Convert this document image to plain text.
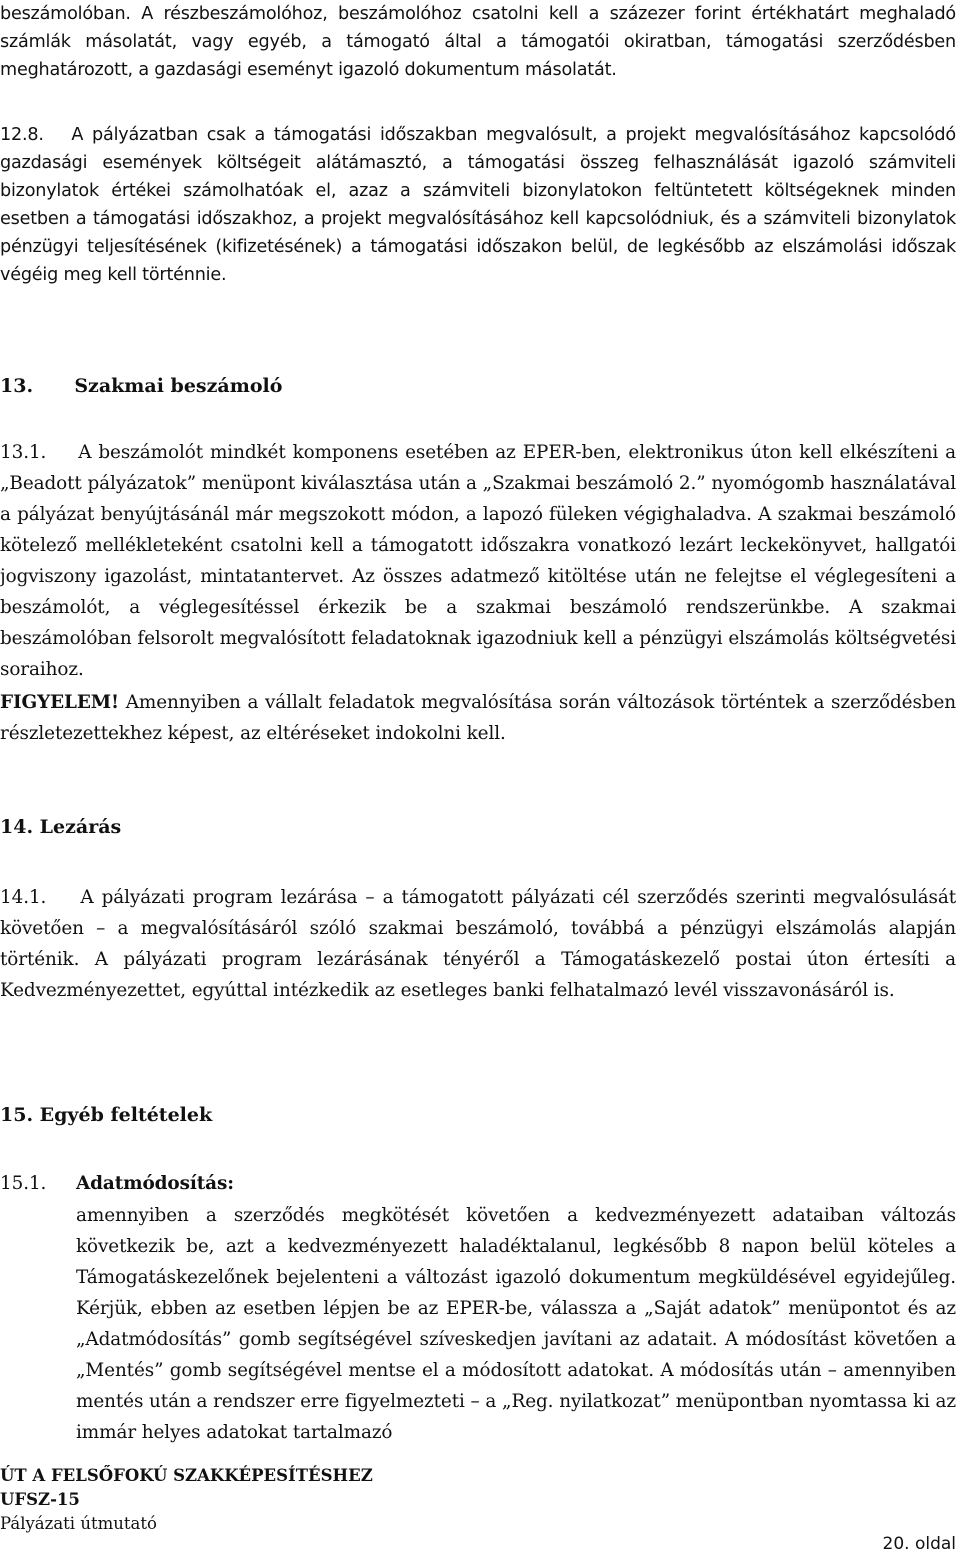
beszámolóban. A részbeszámolóhoz, beszámolóhoz csatolni kell a százezer forint értékhatárt meghaladó számlák másolatát, vagy egyéb, a támogató által a támogatói okiratban, támogatási szerződésben meghatározott, a gazdasági eseményt igazoló dokumentum másolatát.

12.8. A pályázatban csak a támogatási időszakban megvalósult, a projekt megvalósításához kapcsolódó gazdasági események költségeit alátámasztó, a támogatási összeg felhasználását igazoló számviteli bizonylatok értékei számolhatóak el, azaz a számviteli bizonylatokon feltüntetett költségeknek minden esetben a támogatási időszakhoz, a projekt megvalósításához kell kapcsolódniuk, és a számviteli bizonylatok pénzügyi teljesítésének (kifizetésének) a támogatási időszakon belül, de legkésőbb az elszámolási időszak végéig meg kell történnie.

13. Szakmai beszámoló

13.1. A beszámolót mindkét komponens esetében az EPER-ben, elektronikus úton kell elkészíteni a „Beadott pályázatok” menüpont kiválasztása után a „Szakmai beszámoló 2.” nyomógomb használatával a pályázat benyújtásánál már megszokott módon, a lapozó füleken végighaladva. A szakmai beszámoló kötelező mellékleteként csatolni kell a támogatott időszakra vonatkozó lezárt leckekönyvet, hallgatói jogviszony igazolást, mintatantervet. Az összes adatmező kitöltése után ne felejtse el véglegesíteni a beszámolót, a véglegesítéssel érkezik be a szakmai beszámoló rendszerünkbe. A szakmai beszámolóban felsorolt megvalósított feladatoknak igazodniuk kell a pénzügyi elszámolás költségvetési soraihoz.

FIGYELEM! Amennyiben a vállalt feladatok megvalósítása során változások történtek a szerződésben részletezettekhez képest, az eltéréseket indokolni kell.

14. Lezárás

14.1. A pályázati program lezárása – a támogatott pályázati cél szerződés szerinti megvalósulását követően – a megvalósításáról szóló szakmai beszámoló, továbbá a pénzügyi elszámolás alapján történik. A pályázati program lezárásának tényéről a Támogatáskezelő postai úton értesíti a Kedvezményezettet, egyúttal intézkedik az esetleges banki felhatalmazó levél visszavonásáról is.

15. Egyéb feltételek
15.1. Adatmódosítás:

amennyiben a szerződés megkötését követően a kedvezményezett adataiban változás következik be, azt a kedvezményezett haladéktalanul, legkésőbb 8 napon belül köteles a Támogatáskezelőnek bejelenteni a változást igazoló dokumentum megküldésével egyidejűleg. Kérjük, ebben az esetben lépjen be az EPER-be, válassza a „Saját adatok” menüpontot és az „Adatmódosítás” gomb segítségével szíveskedjen javítani az adatait. A módosítást követően a „Mentés” gomb segítségével mentse el a módosított adatokat. A módosítás után – amennyiben mentés után a rendszer erre figyelmezteti – a „Reg. nyilatkozat” menüpontban nyomtassa ki az immár helyes adatokat tartalmazó

ÚT A FELSŐFOKÚ SZAKKÉPESÍTÉSHEZ
UFSZ-15
Pályázati útmutató
20. oldal
